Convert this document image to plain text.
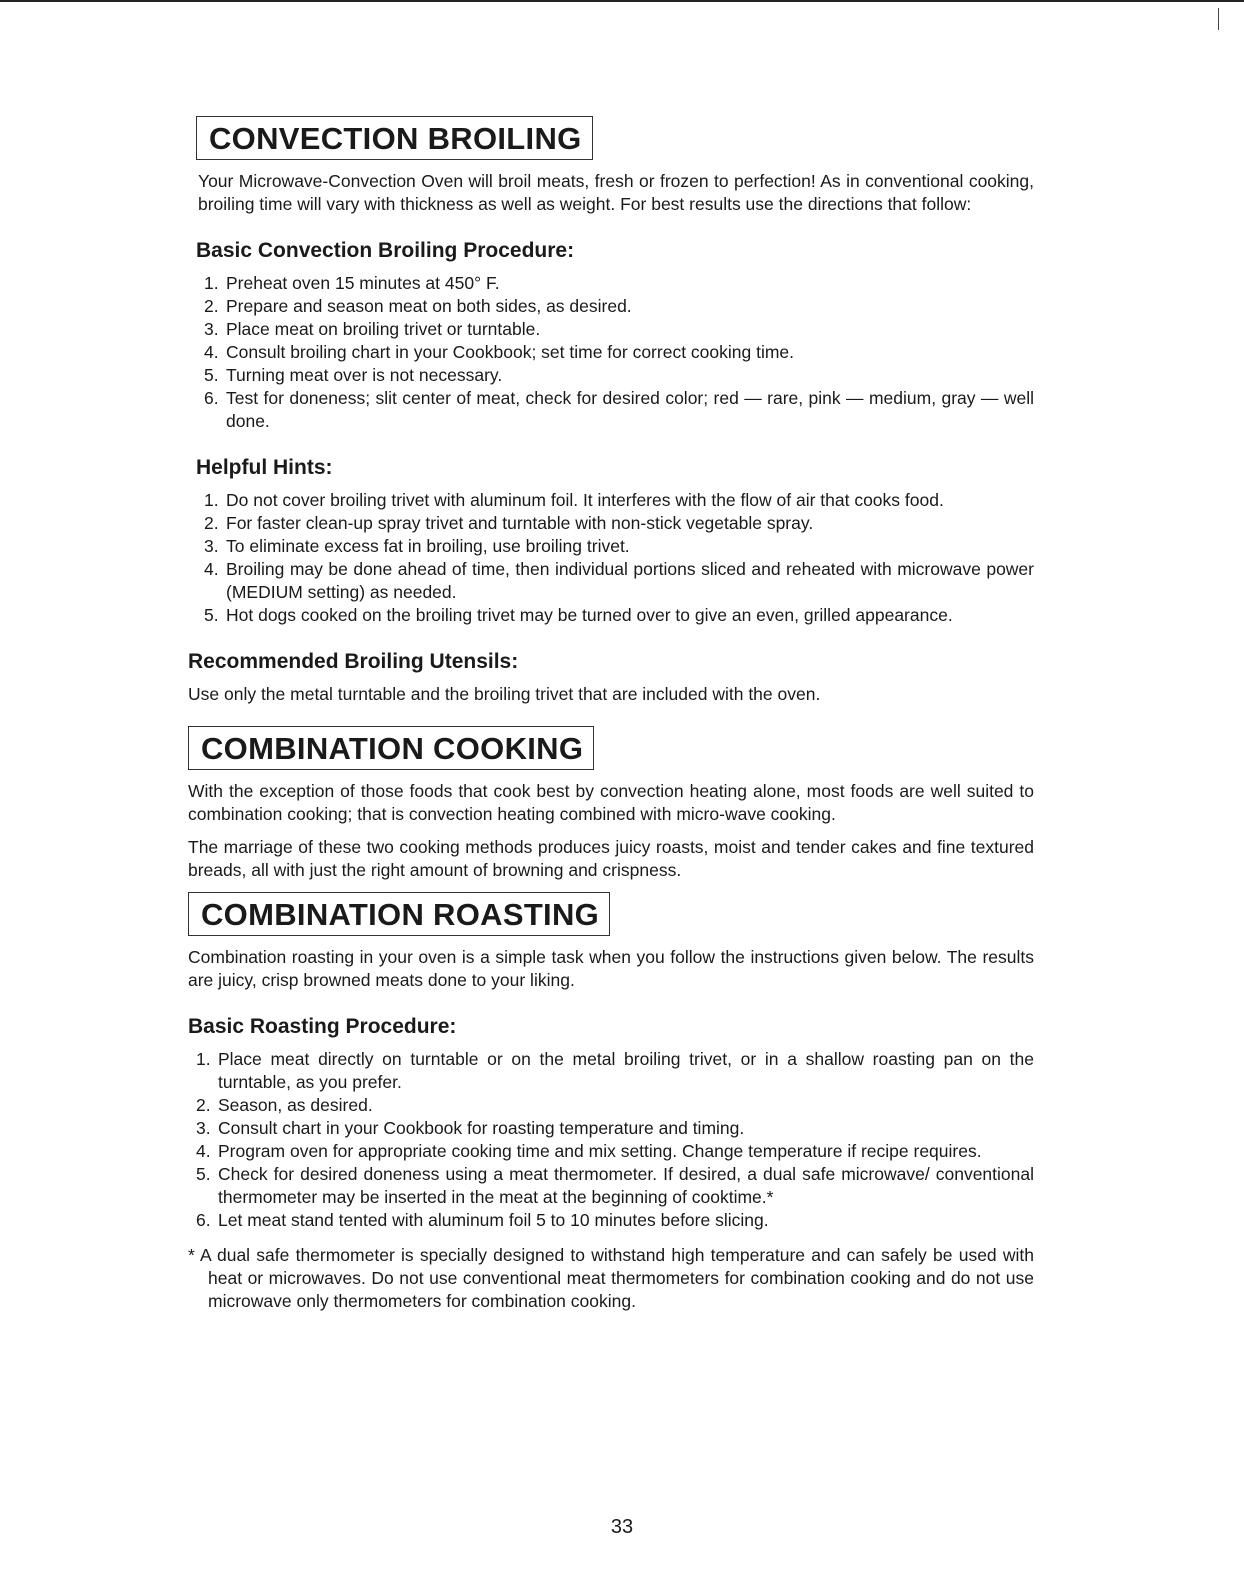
CONVECTION BROILING

Your Microwave-Convection Oven will broil meats, fresh or frozen to perfection! As in conventional cooking, broiling time will vary with thickness as well as weight. For best results use the directions that follow:

Basic Convection Broiling Procedure:
1. Preheat oven 15 minutes at 450° F.
2. Prepare and season meat on both sides, as desired.
3. Place meat on broiling trivet or turntable.
4. Consult broiling chart in your Cookbook; set time for correct cooking time.
5. Turning meat over is not necessary.
6. Test for doneness; slit center of meat, check for desired color; red — rare, pink — medium, gray — well done.
Helpful Hints:
1. Do not cover broiling trivet with aluminum foil. It interferes with the flow of air that cooks food.
2. For faster clean-up spray trivet and turntable with non-stick vegetable spray.
3. To eliminate excess fat in broiling, use broiling trivet.
4. Broiling may be done ahead of time, then individual portions sliced and reheated with microwave power (MEDIUM setting) as needed.
5. Hot dogs cooked on the broiling trivet may be turned over to give an even, grilled appearance.
Recommended Broiling Utensils:

Use only the metal turntable and the broiling trivet that are included with the oven.

COMBINATION COOKING

With the exception of those foods that cook best by convection heating alone, most foods are well suited to combination cooking; that is convection heating combined with micro-wave cooking.

The marriage of these two cooking methods produces juicy roasts, moist and tender cakes and fine textured breads, all with just the right amount of browning and crispness.

COMBINATION ROASTING

Combination roasting in your oven is a simple task when you follow the instructions given below. The results are juicy, crisp browned meats done to your liking.

Basic Roasting Procedure:
1. Place meat directly on turntable or on the metal broiling trivet, or in a shallow roasting pan on the turntable, as you prefer.
2. Season, as desired.
3. Consult chart in your Cookbook for roasting temperature and timing.
4. Program oven for appropriate cooking time and mix setting. Change temperature if recipe requires.
5. Check for desired doneness using a meat thermometer. If desired, a dual safe microwave/ conventional thermometer may be inserted in the meat at the beginning of cooktime.*
6. Let meat stand tented with aluminum foil 5 to 10 minutes before slicing.

* A dual safe thermometer is specially designed to withstand high temperature and can safely be used with heat or microwaves. Do not use conventional meat thermometers for combination cooking and do not use microwave only thermometers for combination cooking.

33
